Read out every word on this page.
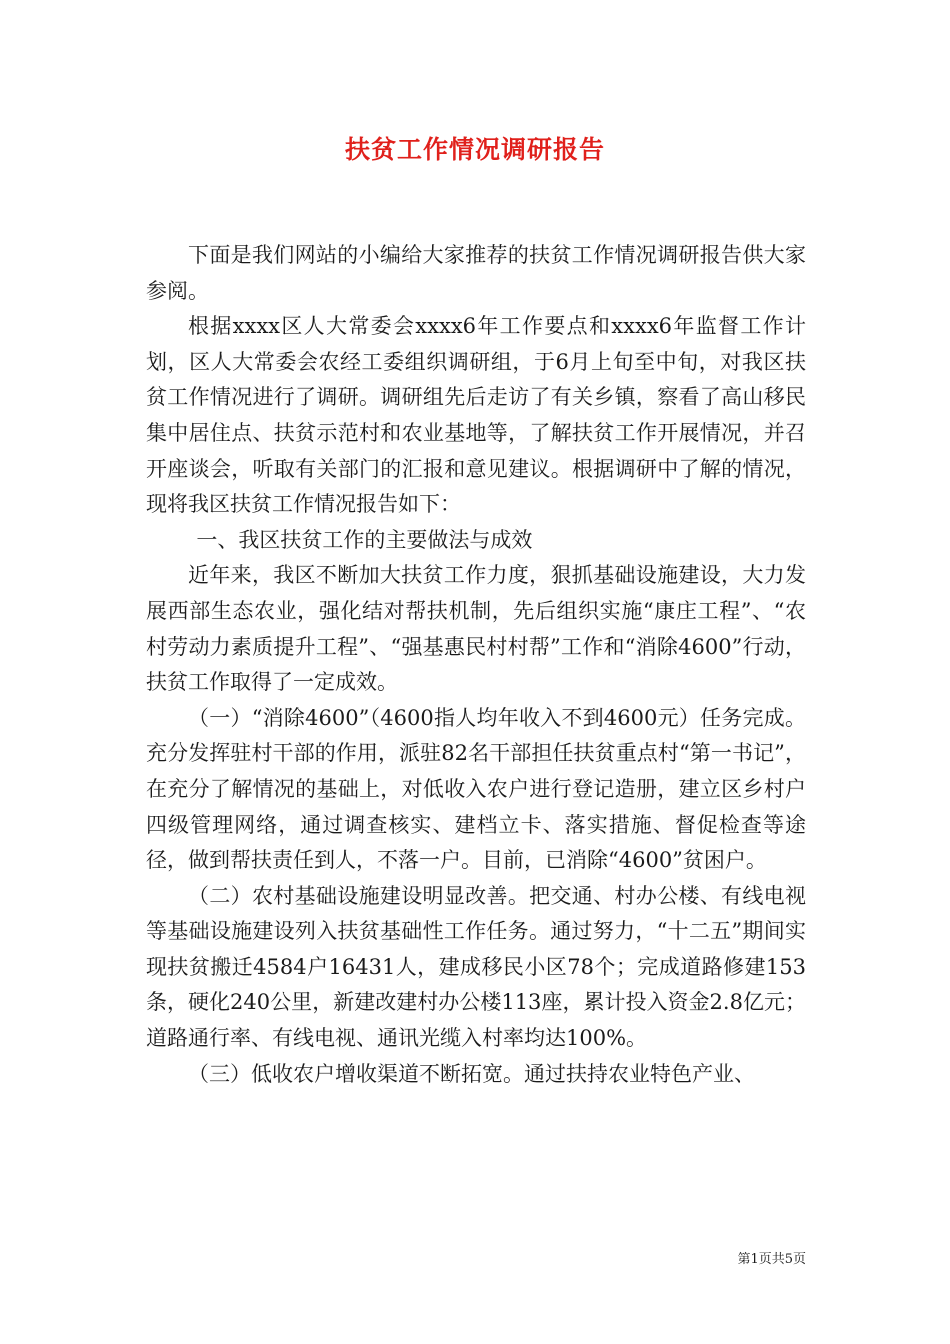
扶贫工作情况调研报告

下面是我们网站的小编给大家推荐的扶贫工作情况调研报告供大家参阅。

根据xxxx区人大常委会xxxx6年工作要点和xxxx6年监督工作计划，区人大常委会农经工委组织调研组，于6月上旬至中旬，对我区扶贫工作情况进行了调研。调研组先后走访了有关乡镇，察看了高山移民集中居住点、扶贫示范村和农业基地等，了解扶贫工作开展情况，并召开座谈会，听取有关部门的汇报和意见建议。根据调研中了解的情况，现将我区扶贫工作情况报告如下：

一、我区扶贫工作的主要做法与成效

近年来，我区不断加大扶贫工作力度，狠抓基础设施建设，大力发展西部生态农业，强化结对帮扶机制，先后组织实施“康庄工程”、“农村劳动力素质提升工程”、“强基惠民村村帮”工作和“消除4600”行动，扶贫工作取得了一定成效。

（一）“消除4600”（4600指人均年收入不到4600元）任务完成。充分发挥驻村干部的作用，派驻82名干部担任扶贫重点村“第一书记”，在充分了解情况的基础上，对低收入农户进行登记造册，建立区乡村户四级管理网络，通过调查核实、建档立卡、落实措施、督促检查等途径，做到帮扶责任到人，不落一户。目前，已消除“4600”贫困户。

（二）农村基础设施建设明显改善。把交通、村办公楼、有线电视等基础设施建设列入扶贫基础性工作任务。通过努力，“十二五”期间实现扶贫搬迁4584户16431人，建成移民小区78个；完成道路修建153条，硬化240公里，新建改建村办公楼113座，累计投入资金2.8亿元；道路通行率、有线电视、通讯光缆入村率均达100%。

（三）低收农户增收渠道不断拓宽。通过扶持农业特色产业、

第1页共5页
